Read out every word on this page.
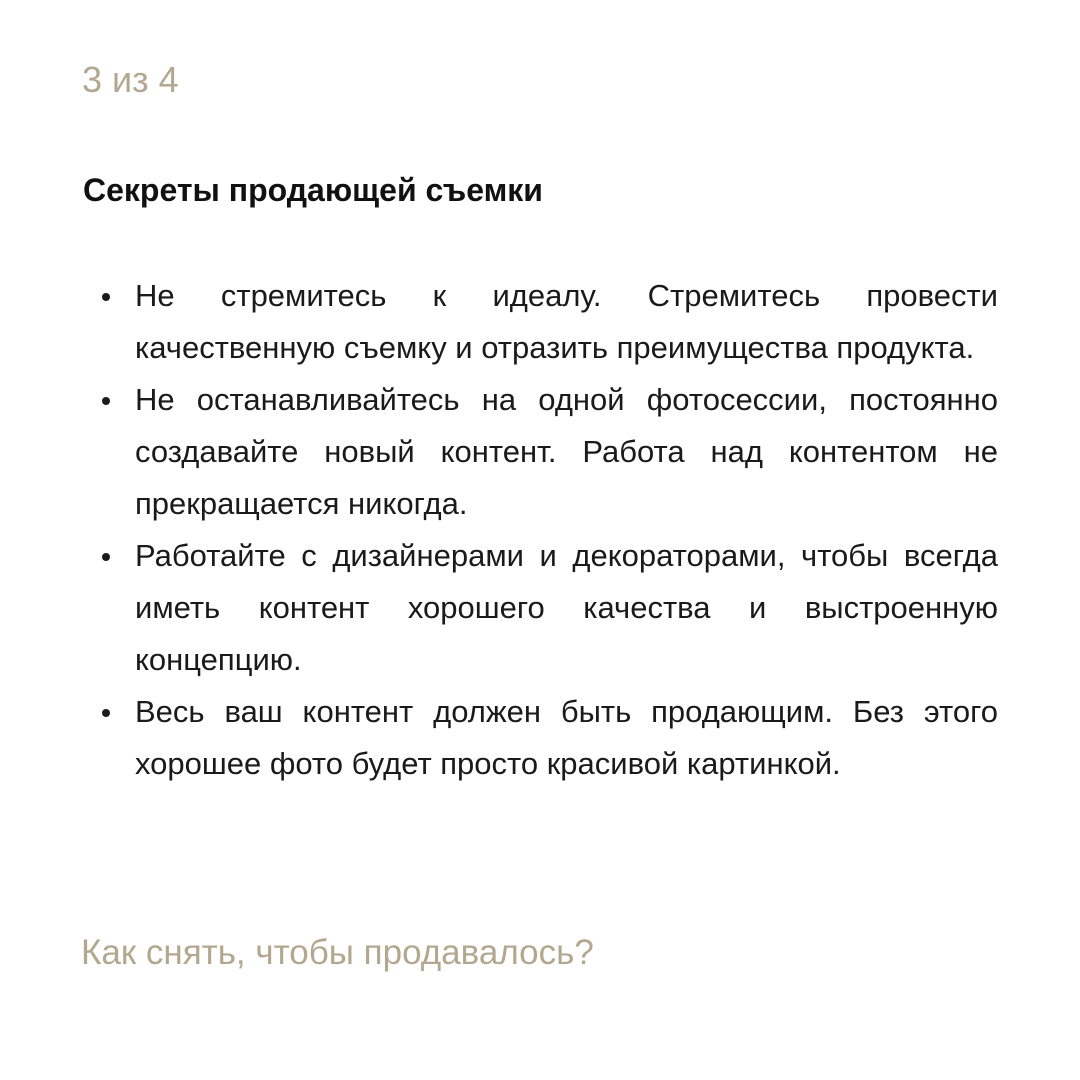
3 из 4
Секреты продающей съемки
Не стремитесь к идеалу. Стремитесь провести качественную съемку и отразить преимущества продукта.
Не останавливайтесь на одной фотосессии, постоянно создавайте новый контент. Работа над контентом не прекращается никогда.
Работайте с дизайнерами и декораторами, чтобы всегда иметь контент хорошего качества и выстроенную концепцию.
Весь ваш контент должен быть продающим. Без этого хорошее фото будет просто красивой картинкой.
Как снять, чтобы продавалось?
